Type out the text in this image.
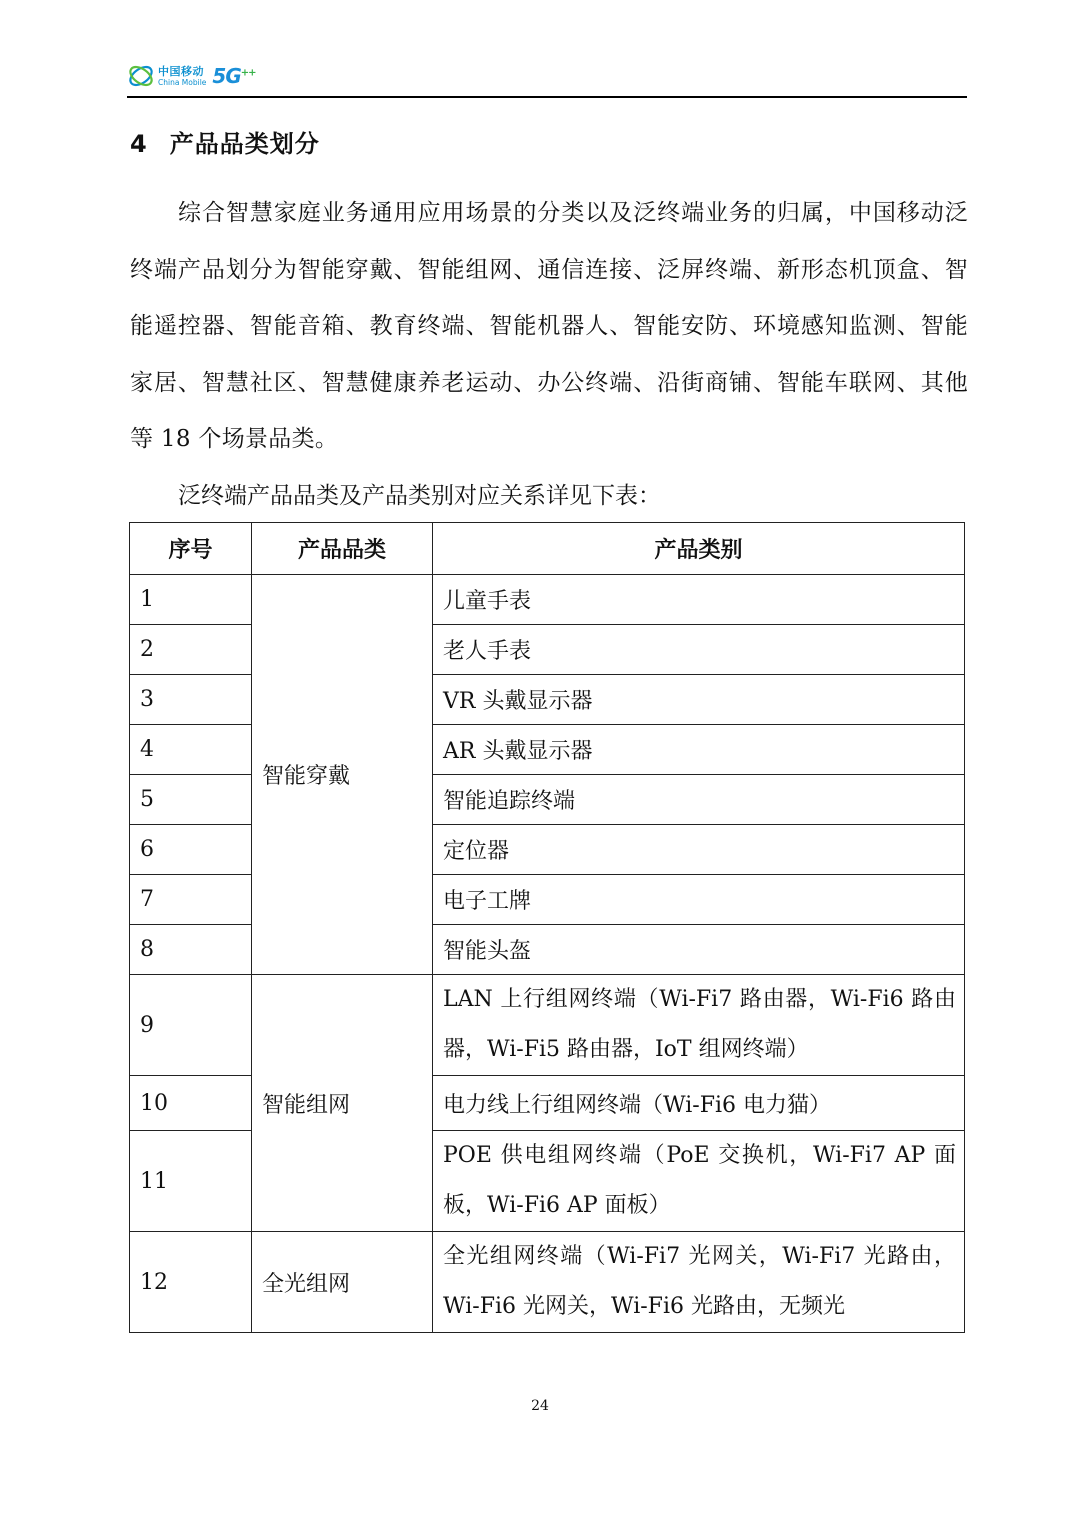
中国移动
China Mobile 5G++
4 产品品类划分
综合智慧家庭业务通用应用场景的分类以及泛终端业务的归属，中国移动泛终端产品划分为智能穿戴、智能组网、通信连接、泛屏终端、新形态机顶盒、智能遥控器、智能音箱、教育终端、智能机器人、智能安防、环境感知监测、智能家居、智慧社区、智慧健康养老运动、办公终端、沿街商铺、智能车联网、其他等 18 个场景品类。
泛终端产品品类及产品类别对应关系详见下表：
序号	产品品类	产品类别
1	智能穿戴	儿童手表
2		老人手表
3		VR 头戴显示器
4		AR 头戴显示器
5		智能追踪终端
6		定位器
7		电子工牌
8		智能头盔
9	智能组网	LAN 上行组网终端（Wi-Fi7 路由器，Wi-Fi6 路由器，Wi-Fi5 路由器，IoT 组网终端）
10		电力线上行组网终端（Wi-Fi6 电力猫）
11		POE 供电组网终端（PoE 交换机，Wi-Fi7 AP 面板，Wi-Fi6 AP 面板）
12	全光组网	全光组网终端（Wi-Fi7 光网关，Wi-Fi7 光路由，Wi-Fi6 光网关，Wi-Fi6 光路由，无频光
24
